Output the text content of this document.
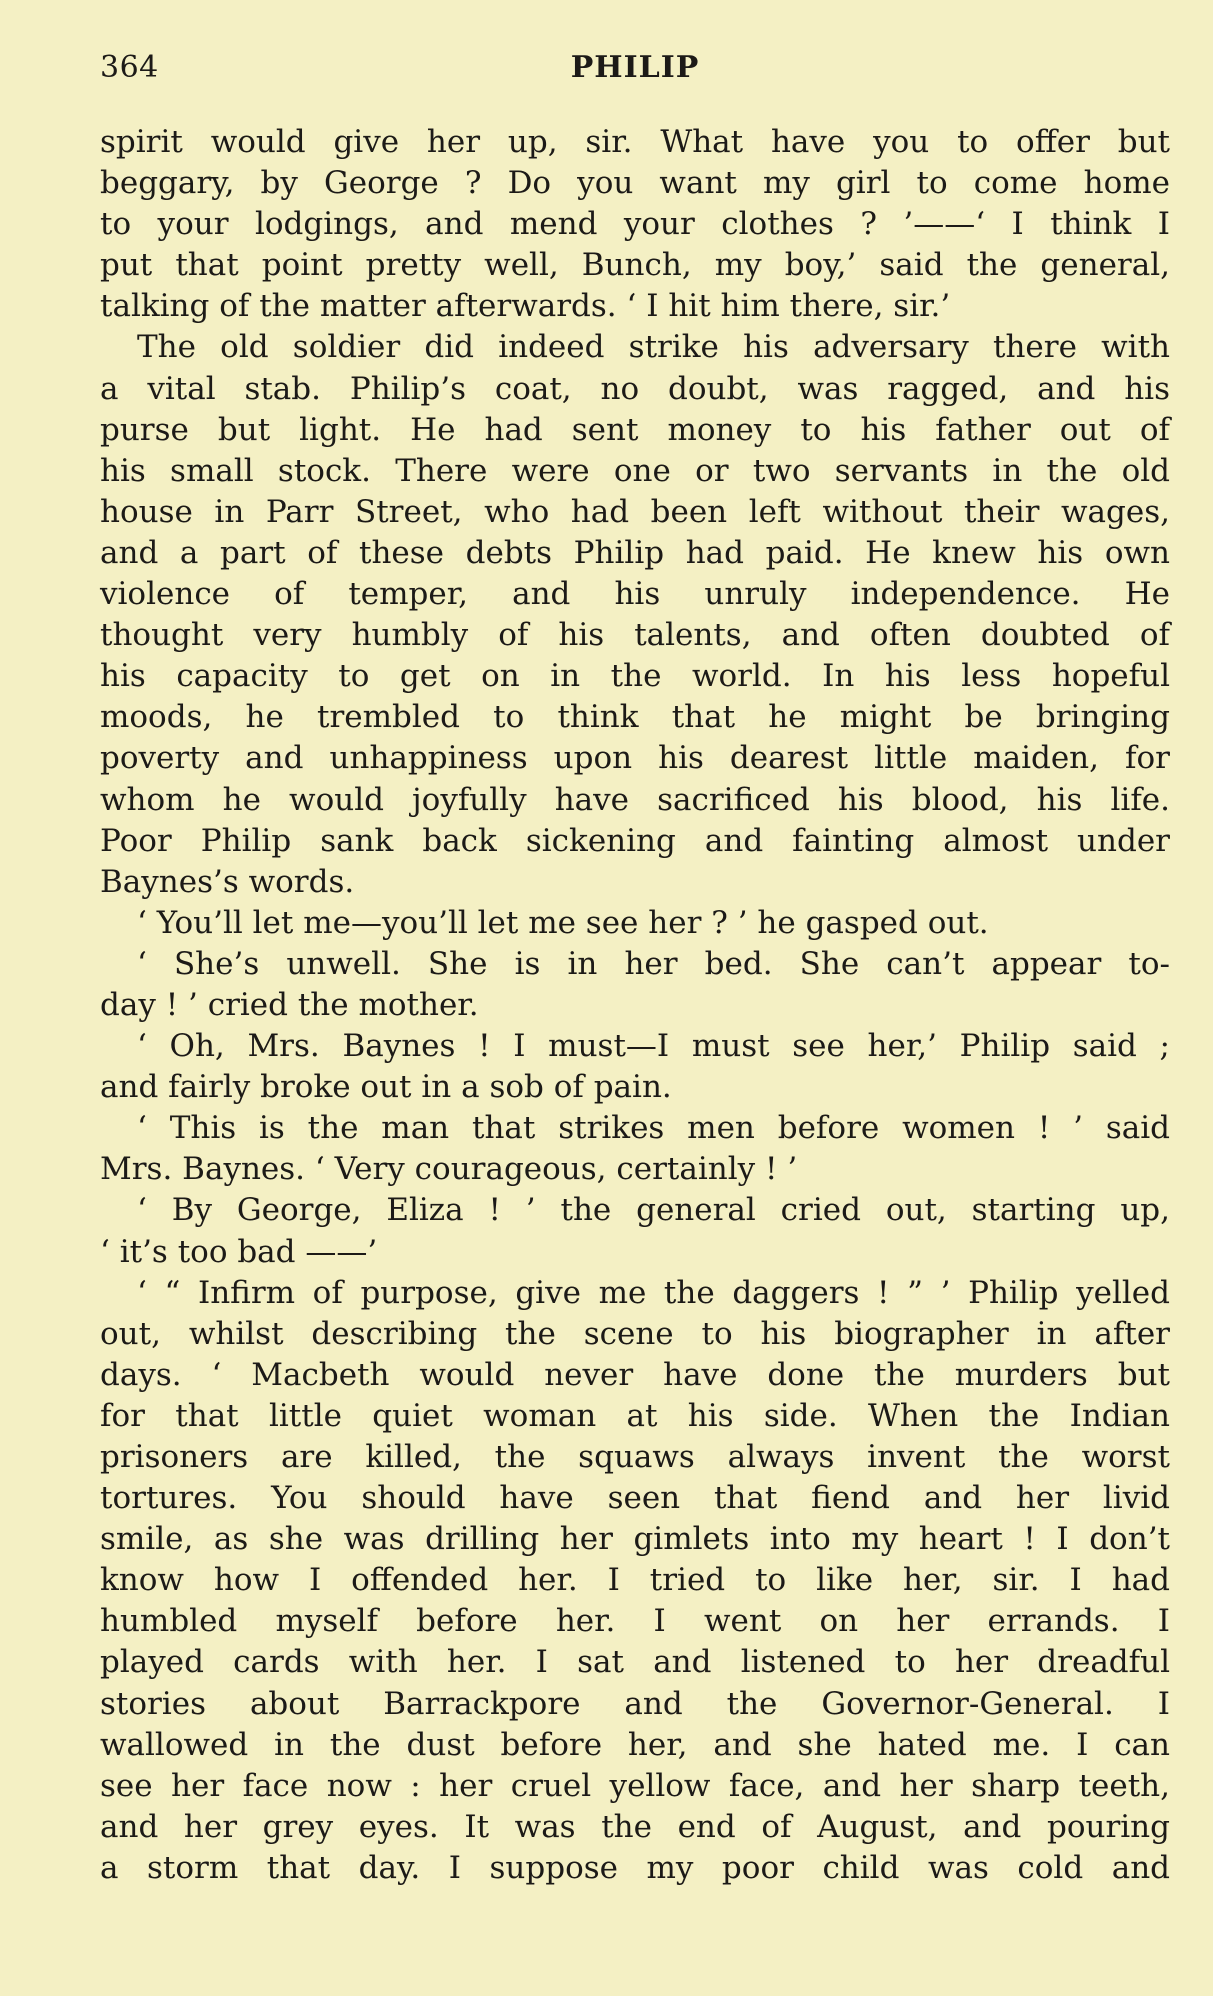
364	PHILIP
spirit would give her up, sir. What have you to offer but
beggary, by George ? Do you want my girl to come home
to your lodgings, and mend your clothes ? ’——‘ I think I
put that point pretty well, Bunch, my boy,’ said the general,
talking of the matter afterwards. ‘ I hit him there, sir.’
The old soldier did indeed strike his adversary there with
a vital stab. Philip’s coat, no doubt, was ragged, and his
purse but light. He had sent money to his father out of
his small stock. There were one or two servants in the old
house in Parr Street, who had been left without their wages,
and a part of these debts Philip had paid. He knew his own
violence of temper, and his unruly independence. He
thought very humbly of his talents, and often doubted of
his capacity to get on in the world. In his less hopeful
moods, he trembled to think that he might be bringing
poverty and unhappiness upon his dearest little maiden, for
whom he would joyfully have sacrificed his blood, his life.
Poor Philip sank back sickening and fainting almost under
Baynes’s words.
‘ You’ll let me—you’ll let me see her ? ’ he gasped out.
‘ She’s unwell. She is in her bed. She can’t appear to-
day ! ’ cried the mother.
‘ Oh, Mrs. Baynes ! I must—I must see her,’ Philip said ;
and fairly broke out in a sob of pain.
‘ This is the man that strikes men before women ! ’ said
Mrs. Baynes. ‘ Very courageous, certainly ! ’
‘ By George, Eliza ! ’ the general cried out, starting up,
‘ it’s too bad ——’
‘ “ Infirm of purpose, give me the daggers ! ” ’ Philip yelled
out, whilst describing the scene to his biographer in after
days. ‘ Macbeth would never have done the murders but
for that little quiet woman at his side. When the Indian
prisoners are killed, the squaws always invent the worst
tortures. You should have seen that fiend and her livid
smile, as she was drilling her gimlets into my heart ! I don’t
know how I offended her. I tried to like her, sir. I had
humbled myself before her. I went on her errands. I
played cards with her. I sat and listened to her dreadful
stories about Barrackpore and the Governor-General. I
wallowed in the dust before her, and she hated me. I can
see her face now : her cruel yellow face, and her sharp teeth,
and her grey eyes. It was the end of August, and pouring
a storm that day. I suppose my poor child was cold and
